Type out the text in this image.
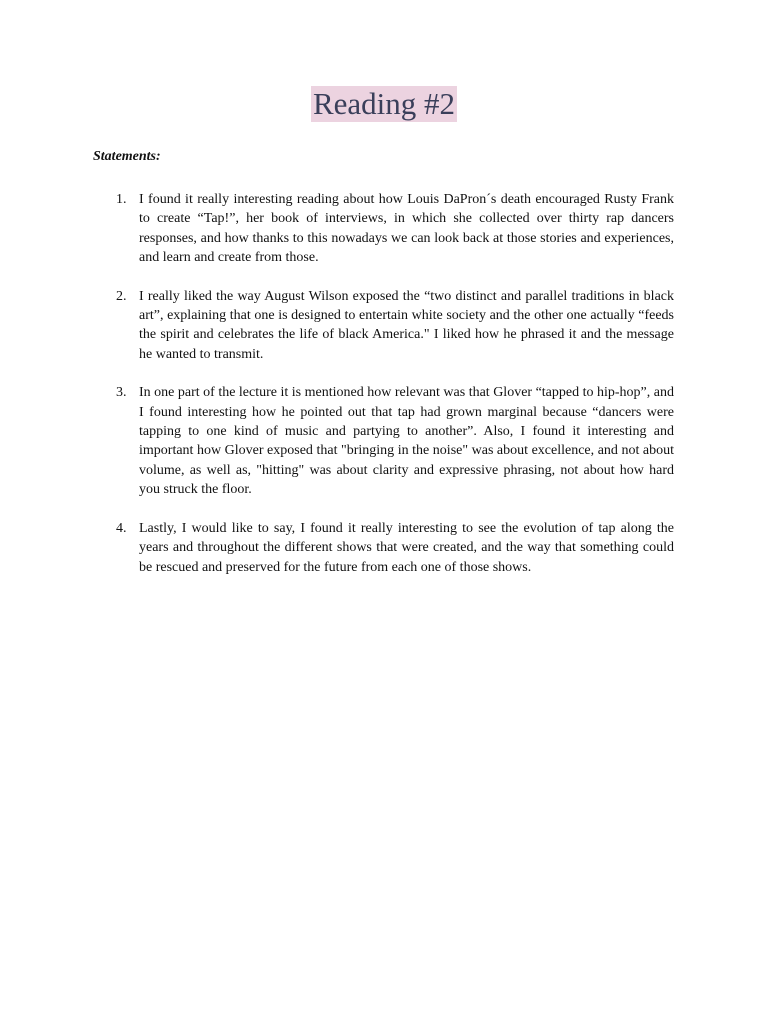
Reading #2
Statements:
1. I found it really interesting reading about how Louis DaPron´s death encouraged Rusty Frank to create “Tap!”, her book of interviews, in which she collected over thirty rap dancers responses, and how thanks to this nowadays we can look back at those stories and experiences, and learn and create from those.
2. I really liked the way August Wilson exposed the “two distinct and parallel traditions in black art”, explaining that one is designed to entertain white society and the other one actually “feeds the spirit and celebrates the life of black America." I liked how he phrased it and the message he wanted to transmit.
3. In one part of the lecture it is mentioned how relevant was that Glover “tapped to hip-hop”, and I found interesting how he pointed out that tap had grown marginal because “dancers were tapping to one kind of music and partying to another”. Also, I found it interesting and important how Glover exposed that "bringing in the noise" was about excellence, and not about volume, as well as, "hitting" was about clarity and expressive phrasing, not about how hard you struck the floor.
4. Lastly, I would like to say, I found it really interesting to see the evolution of tap along the years and throughout the different shows that were created, and the way that something could be rescued and preserved for the future from each one of those shows.
